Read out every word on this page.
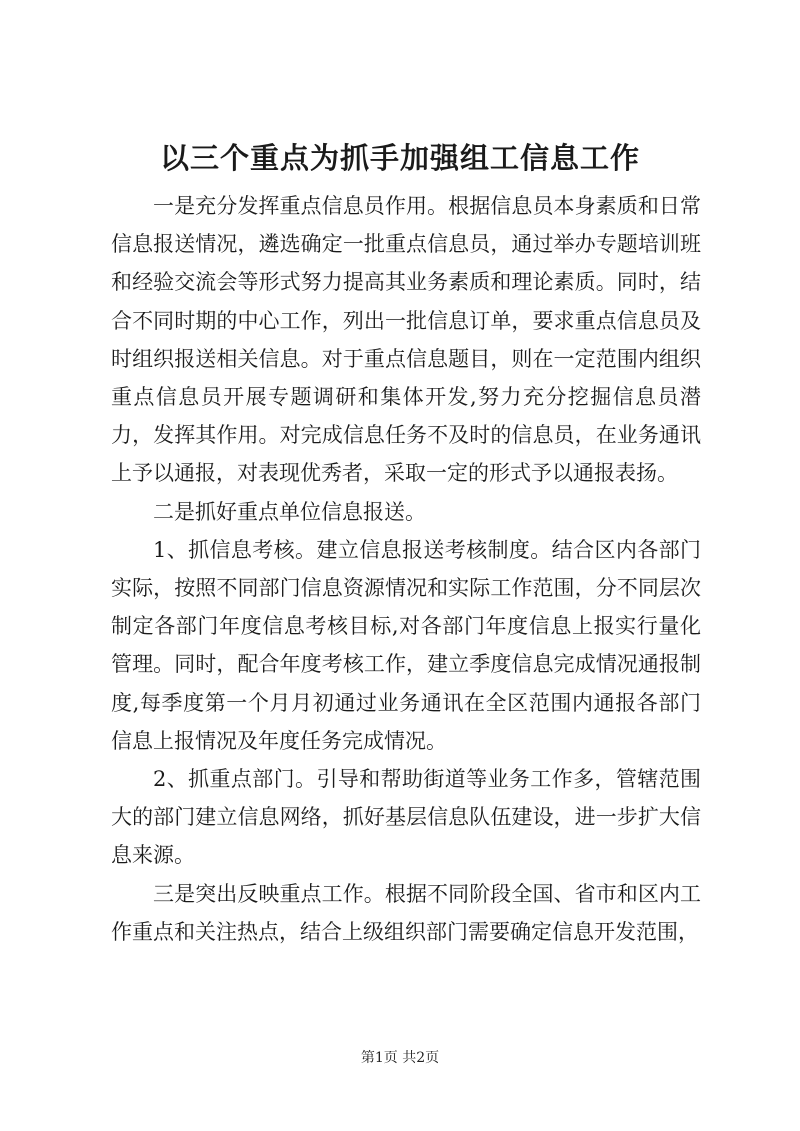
以三个重点为抓手加强组工信息工作

一是充分发挥重点信息员作用。根据信息员本身素质和日常信息报送情况，遴选确定一批重点信息员，通过举办专题培训班和经验交流会等形式努力提高其业务素质和理论素质。同时，结合不同时期的中心工作，列出一批信息订单，要求重点信息员及时组织报送相关信息。对于重点信息题目，则在一定范围内组织重点信息员开展专题调研和集体开发,努力充分挖掘信息员潜力，发挥其作用。对完成信息任务不及时的信息员，在业务通讯上予以通报，对表现优秀者，采取一定的形式予以通报表扬。

二是抓好重点单位信息报送。

1、抓信息考核。建立信息报送考核制度。结合区内各部门实际，按照不同部门信息资源情况和实际工作范围，分不同层次制定各部门年度信息考核目标,对各部门年度信息上报实行量化管理。同时，配合年度考核工作，建立季度信息完成情况通报制度,每季度第一个月月初通过业务通讯在全区范围内通报各部门信息上报情况及年度任务完成情况。

2、抓重点部门。引导和帮助街道等业务工作多，管辖范围大的部门建立信息网络，抓好基层信息队伍建设，进一步扩大信息来源。

三是突出反映重点工作。根据不同阶段全国、省市和区内工作重点和关注热点，结合上级组织部门需要确定信息开发范围，

第1页 共2页
